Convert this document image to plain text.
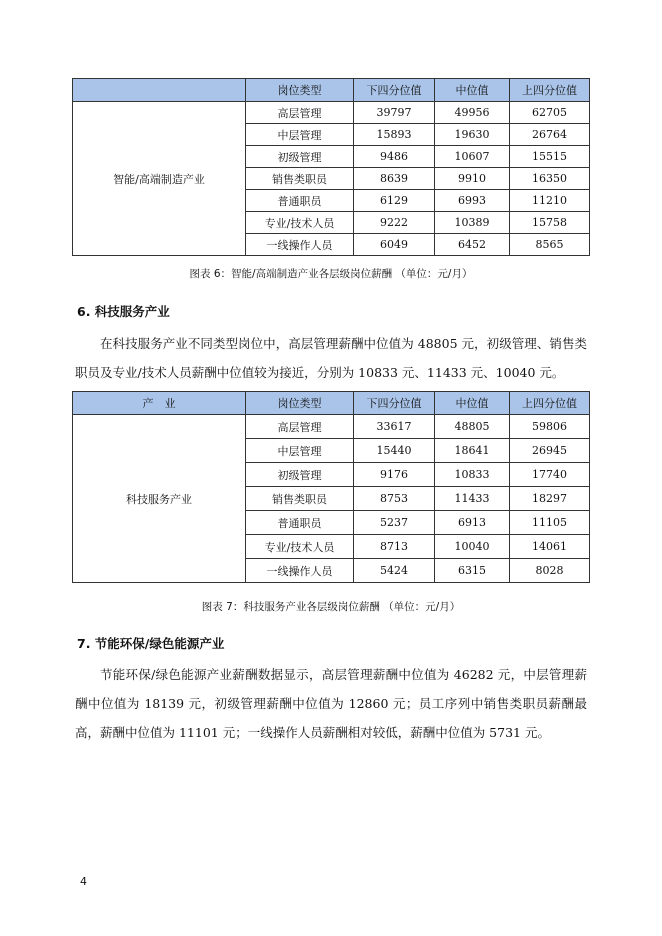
	岗位类型	下四分位值	中位值	上四分位值
智能/高端制造产业	高层管理	39797	49956	62705
	中层管理	15893	19630	26764
	初级管理	9486	10607	15515
	销售类职员	8639	9910	16350
	普通职员	6129	6993	11210
	专业/技术人员	9222	10389	15758
	一线操作人员	6049	6452	8565
图表 6：智能/高端制造产业各层级岗位薪酬 （单位：元/月）
6. 科技服务产业

在科技服务产业不同类型岗位中，高层管理薪酬中位值为 48805 元，初级管理、销售类职员及专业/技术人员薪酬中位值较为接近，分别为 10833 元、11433 元、10040 元。

产　业	岗位类型	下四分位值	中位值	上四分位值
科技服务产业	高层管理	33617	48805	59806
	中层管理	15440	18641	26945
	初级管理	9176	10833	17740
	销售类职员	8753	11433	18297
	普通职员	5237	6913	11105
	专业/技术人员	8713	10040	14061
	一线操作人员	5424	6315	8028
图表 7：科技服务产业各层级岗位薪酬 （单位：元/月）
7. 节能环保/绿色能源产业

节能环保/绿色能源产业薪酬数据显示，高层管理薪酬中位值为 46282 元，中层管理薪酬中位值为 18139 元，初级管理薪酬中位值为 12860 元；员工序列中销售类职员薪酬最高，薪酬中位值为 11101 元；一线操作人员薪酬相对较低，薪酬中位值为 5731 元。

4
